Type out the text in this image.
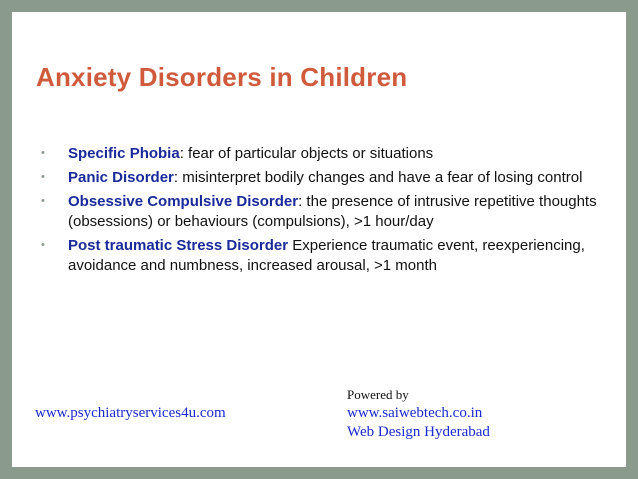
Anxiety Disorders in Children
• Specific Phobia: fear of particular objects or situations
• Panic Disorder: misinterpret bodily changes and have a fear of losing control
• Obsessive Compulsive Disorder: the presence of intrusive repetitive thoughts (obsessions) or behaviours (compulsions), >1 hour/day
• Post traumatic Stress Disorder Experience traumatic event, reexperiencing, avoidance and numbness, increased arousal, >1 month
www.psychiatryservices4u.com
Powered by
www.saiwebtech.co.in
Web Design Hyderabad
